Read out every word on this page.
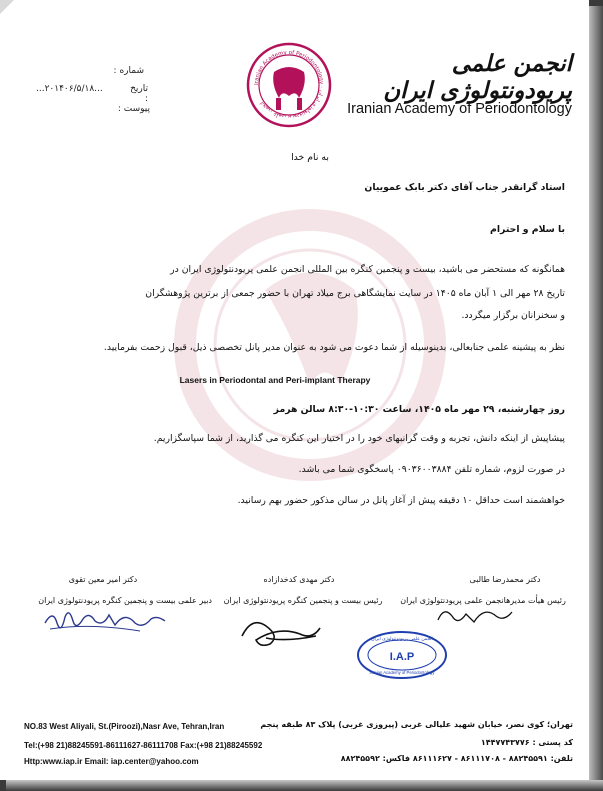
شماره :
...۲۰۱۴۰۶/۵/۱۸...	تاریخ :
پیوست :
Iranian Academy of Periodontology · انجمن علمی پریودونتولوژی ایران
انجمن علمی پریودونتولوژی ایران
Iranian Academy of Periodontology
به نام خدا
استاد گرانقدر جناب آقای دکتر بابک عموییان
با سلام و احترام
همانگونه که مستحضر می باشید، بیست و پنجمین کنگره بین المللی انجمن علمی پریودنتولوژی ایران در
تاریخ ۲۸ مهر الی ۱ آبان ماه ۱۴۰۵ در سایت نمایشگاهی برج میلاد تهران با حضور جمعی از برترین پژوهشگران
و سخنرانان برگزار میگردد.
نظر به پیشینه علمی جنابعالی، بدینوسیله از شما دعوت می شود به عنوان مدیر پانل تخصصی ذیل، قبول زحمت بفرمایید.
Lasers in Periodontal and Peri-implant Therapy
روز چهارشنبه، ۲۹ مهر ماه ۱۴۰۵، ساعت ۱۰:۳۰-۸:۳۰ سالن هرمز
پیشاپیش از اینکه دانش، تجربه و وقت گرانبهای خود را در اختیار این کنگره می گذارید، از شما سپاسگزاریم.
در صورت لزوم، شماره تلفن ۰۹۰۳۶۰۰۳۸۸۴ پاسخگوی شما می باشد.
خواهشمند است حداقل ۱۰ دقیقه پیش از آغاز پانل در سالن مذکور حضور بهم رسانید.
دکتر محمدرضا طالبی
رئیس هیأت مدیرهانجمن علمی پریودنتولوژی ایران
دکتر مهدی کدخدازاده
رئیس بیست و پنجمین کنگره پریودنتولوژی ایران
دکتر امیر معین تقوی
دبیر علمی بیست و پنجمین کنگره پریودنتولوژی ایران
انجمن علمی پریودونتولوژی ایران
I.A.P
Iranian Academy of Periodontology
NO.83 West Aliyali, St.(Piroozi),Nasr Ave, Tehran,Iran
Tel:(+98 21)88245591-86111627-86111708 Fax:(+98 21)88245592
Http:www.iap.ir Email: iap.center@yahoo.com
تهران؛ کوی نصر، خیابان شهید علیالی غربی (پیروزی غربی) پلاک ۸۳ طبقه پنجم
کد پستی : ۱۴۴۷۷۴۳۷۷۶
تلفن: ۸۸۲۴۵۵۹۱ - ۸۶۱۱۱۷۰۸ - ۸۶۱۱۱۶۲۷ فاکس: ۸۸۲۴۵۵۹۲
